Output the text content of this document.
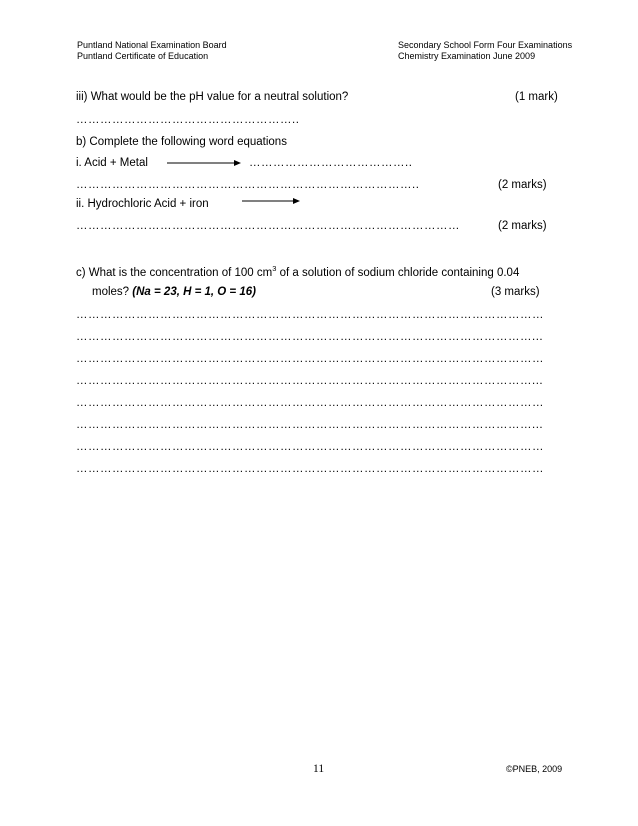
Puntland National Examination Board
Puntland Certificate of Education
Secondary School Form Four Examinations
Chemistry Examination June 2009
iii) What would be the pH value for a neutral solution?	(1 mark)
………………………………………………..
b) Complete the following word equations
i. Acid + Metal	…………………………………..
…………………………………………………………………………..	(2 marks)
ii. Hydrochloric Acid + iron
……………………………………………………………………………………	(2 marks)
c) What is the concentration of 100 $cm^3$ of a solution of sodium chloride containing 0.04
moles? (Na = 23, H = 1, O = 16)	(3 marks)
………………………………………………………………………………………………………
……………………………………………………………………………………………………...
………………………………………………………………………………………………………
……………………………………………………………………………………………………...
………………………………………………………………………………………………………
……………………………………………………………………………………………………...
………………………………………………………………………………………………………
………………………………………………………………………………………………………
11	©PNEB, 2009
